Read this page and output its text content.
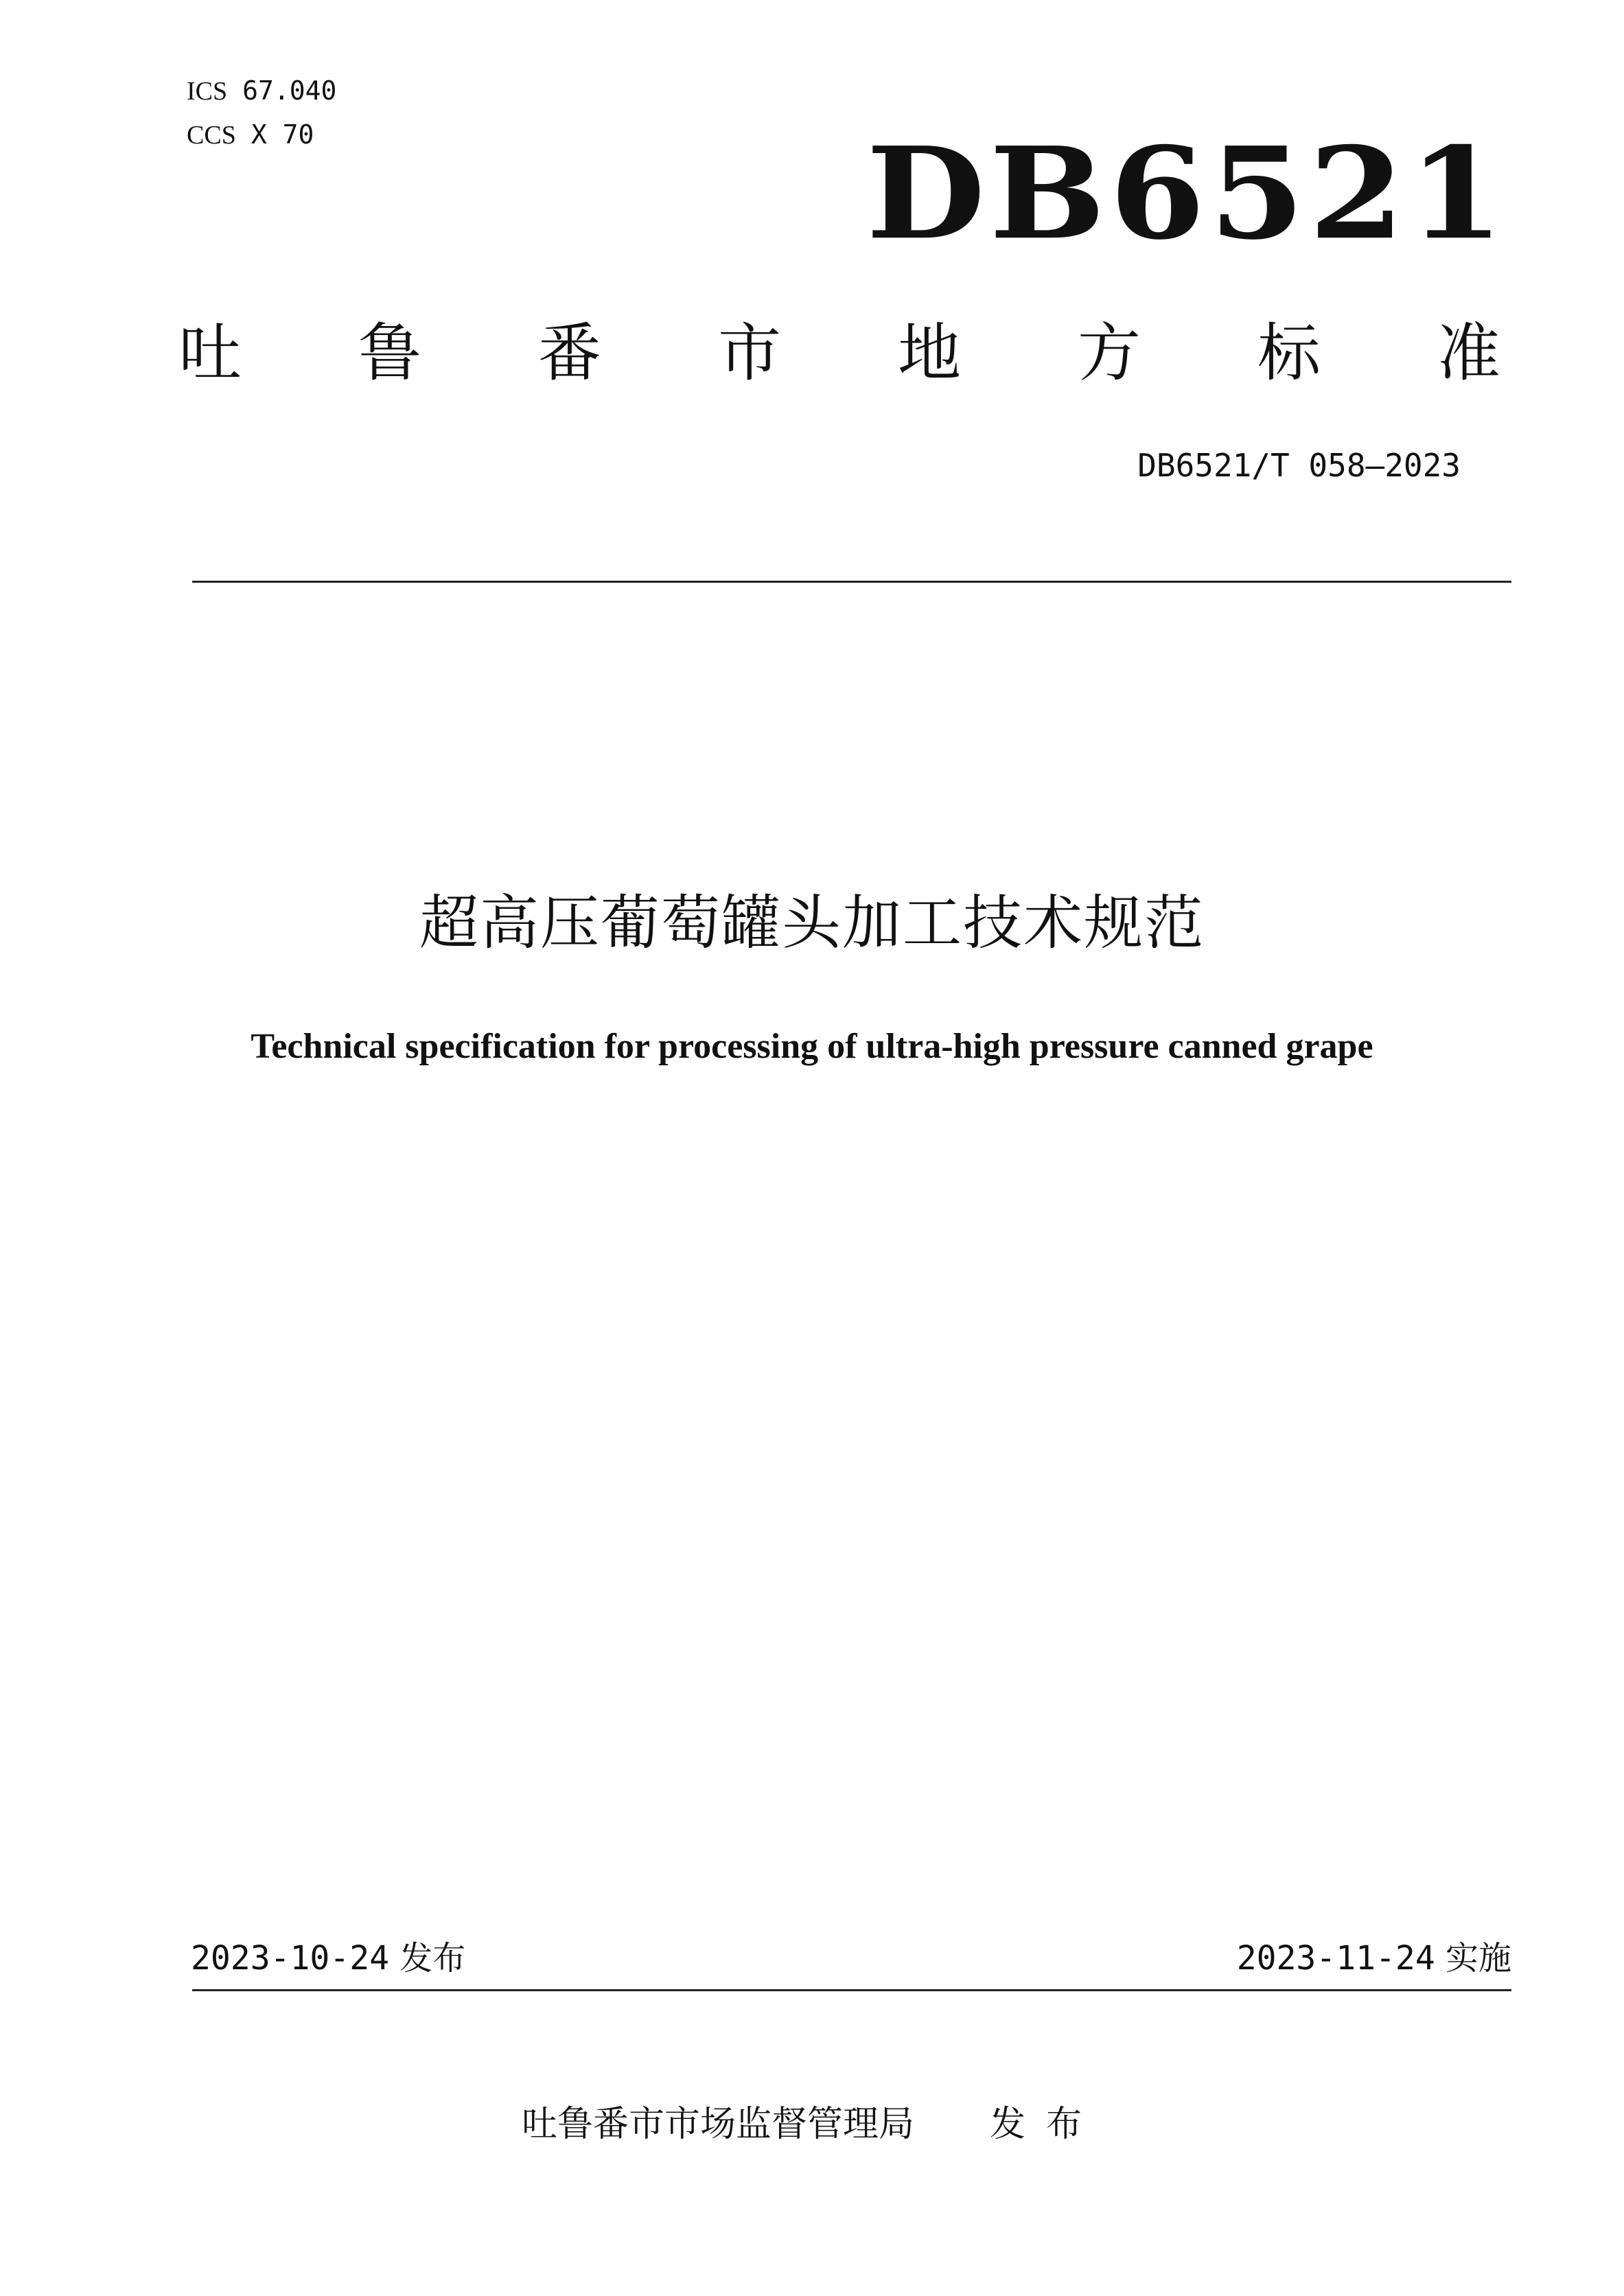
ICS 67.040
CCS X 70	DB6521
吐 鲁 番 市 地 方 标 准
DB6521/T 058—2023
超高压葡萄罐头加工技术规范
Technical specification for processing of ultra-high pressure canned grape
2023-10-24 发布	2023-11-24 实施
吐鲁番市市场监督管理局 发布
